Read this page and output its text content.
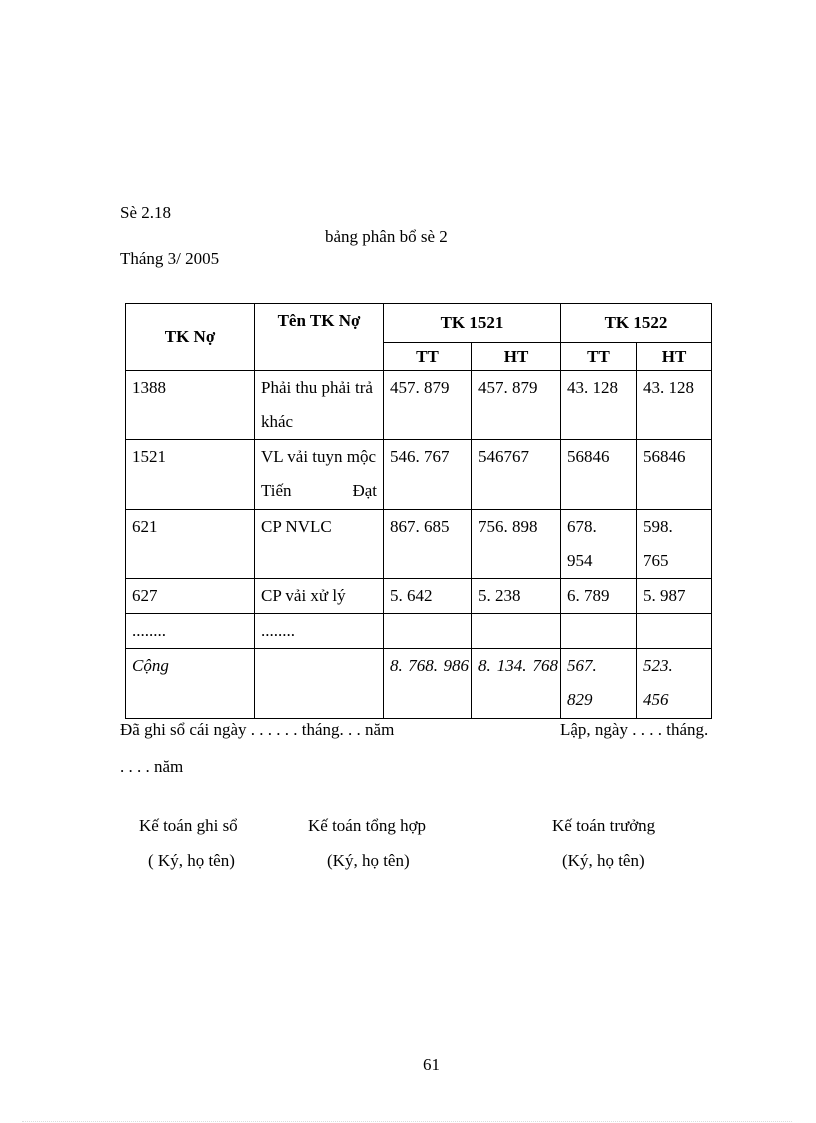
Sè 2.18
bảng phân bổ sè 2
Tháng 3/ 2005
TK Nợ	Tên TK Nợ	TK 1521		TK 1522	
		TT	HT	TT	HT
1388	Phải thu phải trả khác	457. 879	457. 879	43. 128	43. 128
1521	VL vải tuyn mộc Tiến Đạt	546. 767	546767	56846	56846
621	CP NVLC	867. 685	756. 898	678. 954	598. 765
627	CP vải xử lý	5. 642	5. 238	6. 789	5. 987
........	........				
Cộng		8. 768. 986	8. 134. 768	567. 829	523. 456
Đã ghi sổ cái ngày . . . . . . tháng. . . năm	Lập, ngày . . . . tháng.
. . . . năm
Kế toán ghi sổ
( Ký, họ tên)
Kế toán tổng hợp
(Ký, họ tên)
Kế toán trưởng
(Ký, họ tên)
61
